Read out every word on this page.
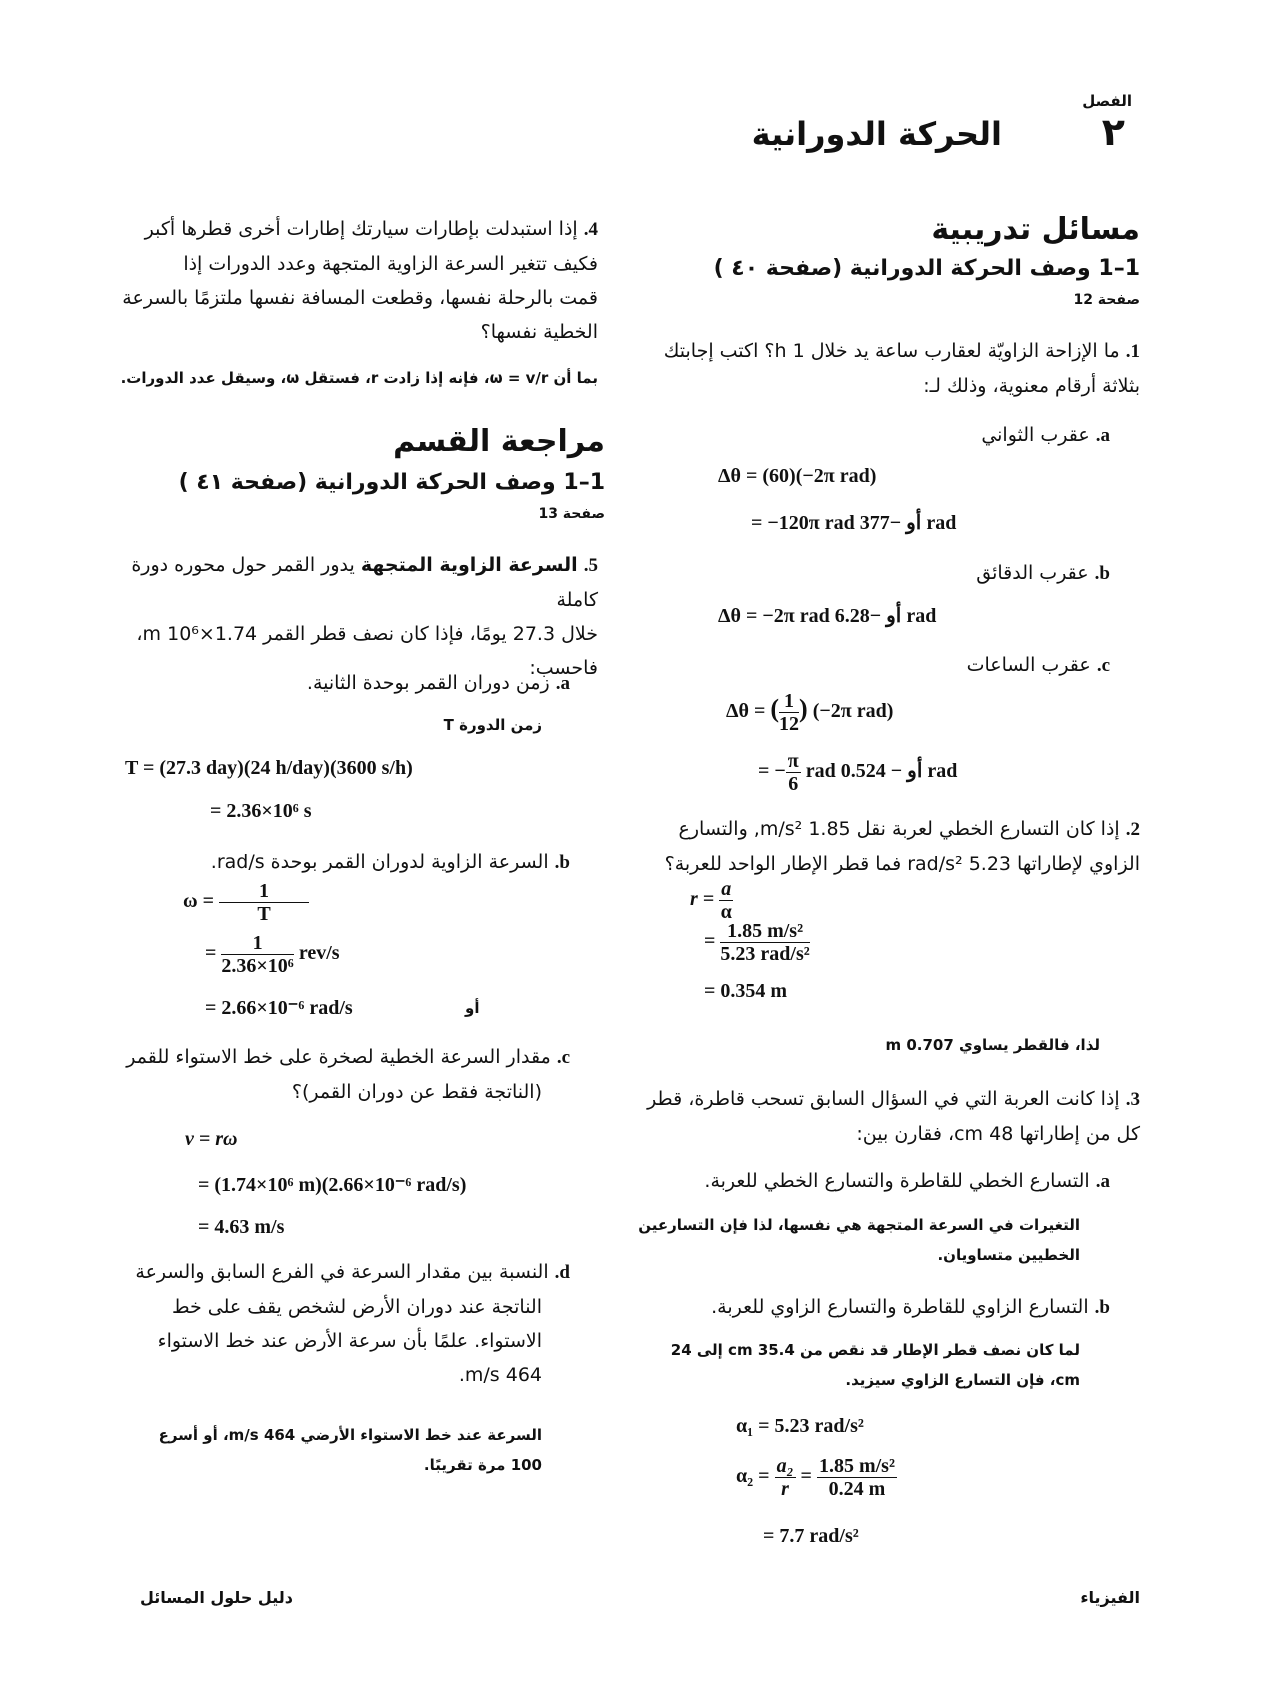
الفصل
٢
الحركة الدورانية
مسائل تدريبية
1–1 وصف الحركة الدورانية (صفحة ٤٠ )
صفحة 12
1. ما الإزاحة الزاويّة لعقارب ساعة يد خلال 1 h؟ اكتب إجابتك
بثلاثة أرقام معنوية، وذلك لـ:
a. عقرب الثواني
Δθ = (60)(−2π rad)
= −120π rad أو −377 rad
b. عقرب الدقائق
Δθ = −2π rad أو −6.28 rad
c. عقرب الساعات
Δθ = ( $\frac{1}{12}$ ) (−2π rad)
= − $\frac{\pi}{6}$ rad أو − 0.524 rad
2. إذا كان التسارع الخطي لعربة نقل 1.85 m/s², والتسارع
الزاوي لإطاراتها 5.23 rad/s² فما قطر الإطار الواحد للعربة؟
$r = \frac{a}{\alpha}$
= $\frac{\text{1.85 m/s²}}{\text{5.23 rad/s²}}$
= 0.354 m
لذا، فالقطر يساوي 0.707 m
3. إذا كانت العربة التي في السؤال السابق تسحب قاطرة، قطر
كل من إطاراتها 48 cm، فقارن بين:
a. التسارع الخطي للقاطرة والتسارع الخطي للعربة.
التغيرات في السرعة المتجهة هي نفسها، لذا فإن التسارعين الخطيين متساويان.
b. التسارع الزاوي للقاطرة والتسارع الزاوي للعربة.
لما كان نصف قطر الإطار قد نقص من 35.4 cm إلى 24 cm، فإن التسارع الزاوي سيزيد.
α₁ = 5.23 rad/s²
$\alpha_2 = \frac{\text{a₂}}{r} = \frac{\text{1.85 m/s²}}{0.24 m}$
= 7.7 rad/s²
4. إذا استبدلت بإطارات سيارتك إطارات أخرى قطرها أكبر
فكيف تتغير السرعة الزاوية المتجهة وعدد الدورات إذا
قمت بالرحلة نفسها، وقطعت المسافة نفسها ملتزمًا بالسرعة
الخطية نفسها؟
بما أن ω = v/r، فإنه إذا زادت r، فستقل ω، وسيقل عدد الدورات.
مراجعة القسم
1–1 وصف الحركة الدورانية (صفحة ٤١ )
صفحة 13
5. السرعة الزاوية المتجهة يدور القمر حول محوره دورة كاملة
خلال 27.3 يومًا، فإذا كان نصف قطر القمر 1.74×10⁶ m،
فاحسب:
a. زمن دوران القمر بوحدة الثانية.
زمن الدورة T
T = (27.3 day)(24 h/day)(3600 s/h)
= 2.36×10⁶ s
b. السرعة الزاوية لدوران القمر بوحدة rad/s.
$\omega = \frac{1}{T}$
= $\frac{1}{\text{2.36×10⁶}} rev/s$
= 2.66×10⁻⁶ rad/s	أو
c. مقدار السرعة الخطية لصخرة على خط الاستواء للقمر
(الناتجة فقط عن دوران القمر)؟
v = rω
= (1.74×10⁶ m)(2.66×10⁻⁶ rad/s)
= 4.63 m/s
d. النسبة بين مقدار السرعة في الفرع السابق والسرعة
الناتجة عند دوران الأرض لشخص يقف على خط
الاستواء. علمًا بأن سرعة الأرض عند خط الاستواء
464 m/s.
السرعة عند خط الاستواء الأرضي 464 m/s، أو أسرع
100 مرة تقريبًا.
الفيزياء
دليل حلول المسائل
